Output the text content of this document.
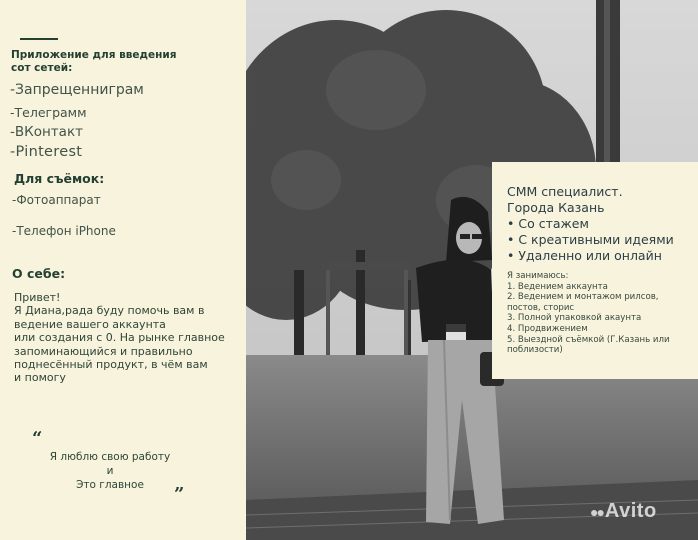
Приложение для введения
сот сетей:
-Запрещенниграм
-Телеграмм
-ВКонтакт
-Pinterest
Для съёмок:
-Фотоаппарат
-Телефон iPhone
О себе:
Привет!
Я Диана,рада буду помочь вам в
ведение вашего аккаунта
или создания с 0. На рынке главное
запоминающийся и правильно
поднесённый продукт, в чём вам
и помогу
“
Я люблю свою работу
и
Это главное	”
СММ специалист.
Города Казань
• Со стажем
• С креативными идеями
• Удаленно или онлайн
Я занимаюсь:
1. Ведением аккаунта
2. Ведением и монтажом рилсов,
постов, сторис
3. Полной упаковкой акаунта
4. Продвижением
5. Выездной съёмкой (Г.Казань или
поблизости)
●● Avito
